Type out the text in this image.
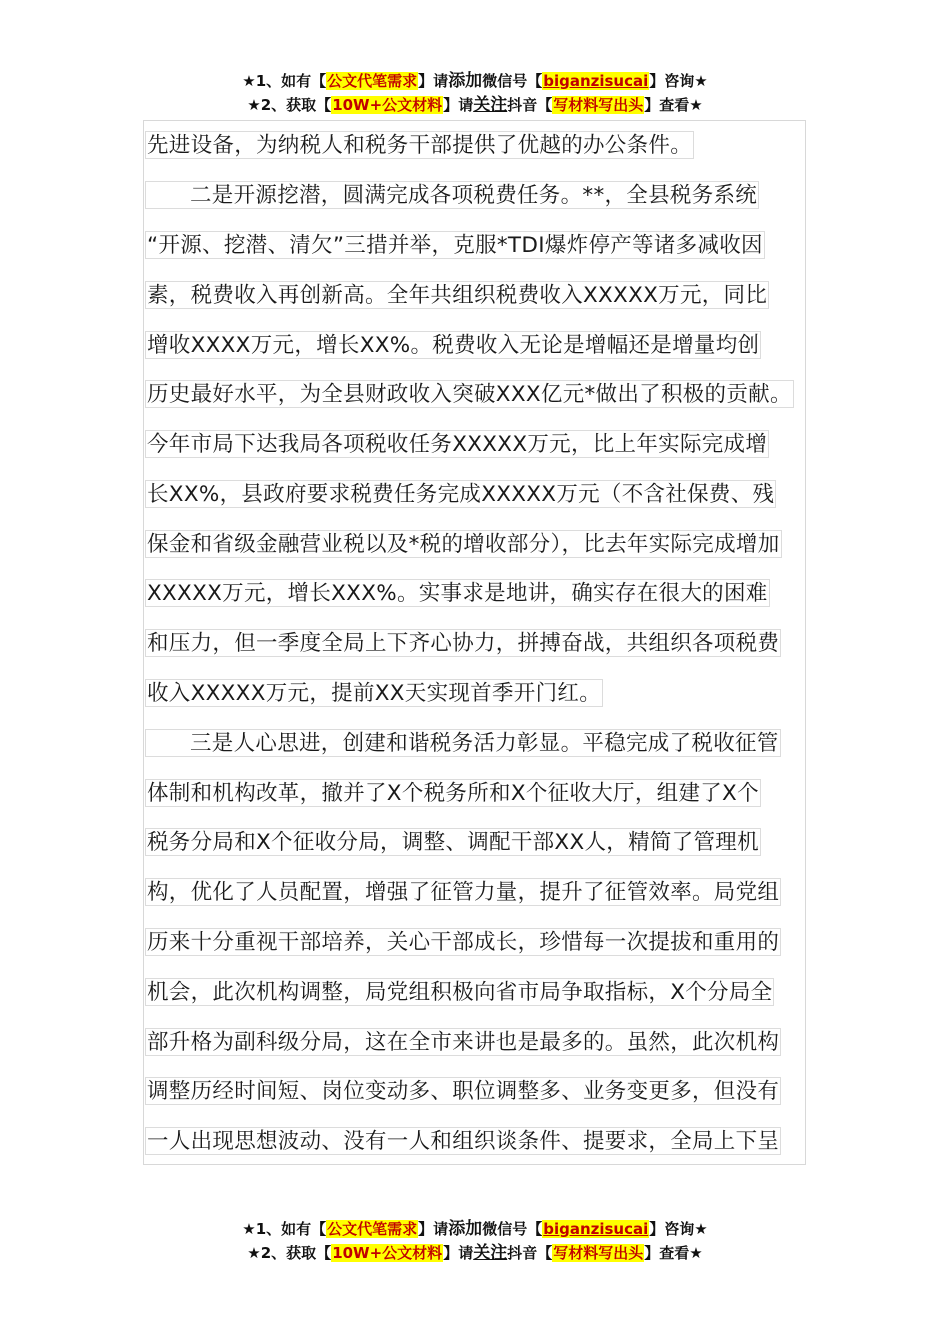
★1、如有【公文代笔需求】请添加微信号【biganzisucai】咨询★
★2、获取【10W+公文材料】请关注抖音【写材料写出头】查看★
先进设备，为纳税人和税务干部提供了优越的办公条件。
二是开源挖潜，圆满完成各项税费任务。**，全县税务系统
“开源、挖潜、清欠”三措并举，克服*TDI爆炸停产等诸多减收因
素，税费收入再创新高。全年共组织税费收入XXXXX万元，同比
增收XXXX万元，增长XX%。税费收入无论是增幅还是增量均创
历史最好水平，为全县财政收入突破XXX亿元*做出了积极的贡献。
今年市局下达我局各项税收任务XXXXX万元，比上年实际完成增
长XX%，县政府要求税费任务完成XXXXX万元（不含社保费、残
保金和省级金融营业税以及*税的增收部分），比去年实际完成增加
XXXXX万元，增长XXX%。实事求是地讲，确实存在很大的困难
和压力，但一季度全局上下齐心协力，拼搏奋战，共组织各项税费
收入XXXXX万元，提前XX天实现首季开门红。
三是人心思进，创建和谐税务活力彰显。平稳完成了税收征管
体制和机构改革，撤并了X个税务所和X个征收大厅，组建了X个
税务分局和X个征收分局，调整、调配干部XX人，精简了管理机
构，优化了人员配置，增强了征管力量，提升了征管效率。局党组
历来十分重视干部培养，关心干部成长，珍惜每一次提拔和重用的
机会，此次机构调整，局党组积极向省市局争取指标，X个分局全
部升格为副科级分局，这在全市来讲也是最多的。虽然，此次机构
调整历经时间短、岗位变动多、职位调整多、业务变更多，但没有
一人出现思想波动、没有一人和组织谈条件、提要求，全局上下呈
★1、如有【公文代笔需求】请添加微信号【biganzisucai】咨询★
★2、获取【10W+公文材料】请关注抖音【写材料写出头】查看★
